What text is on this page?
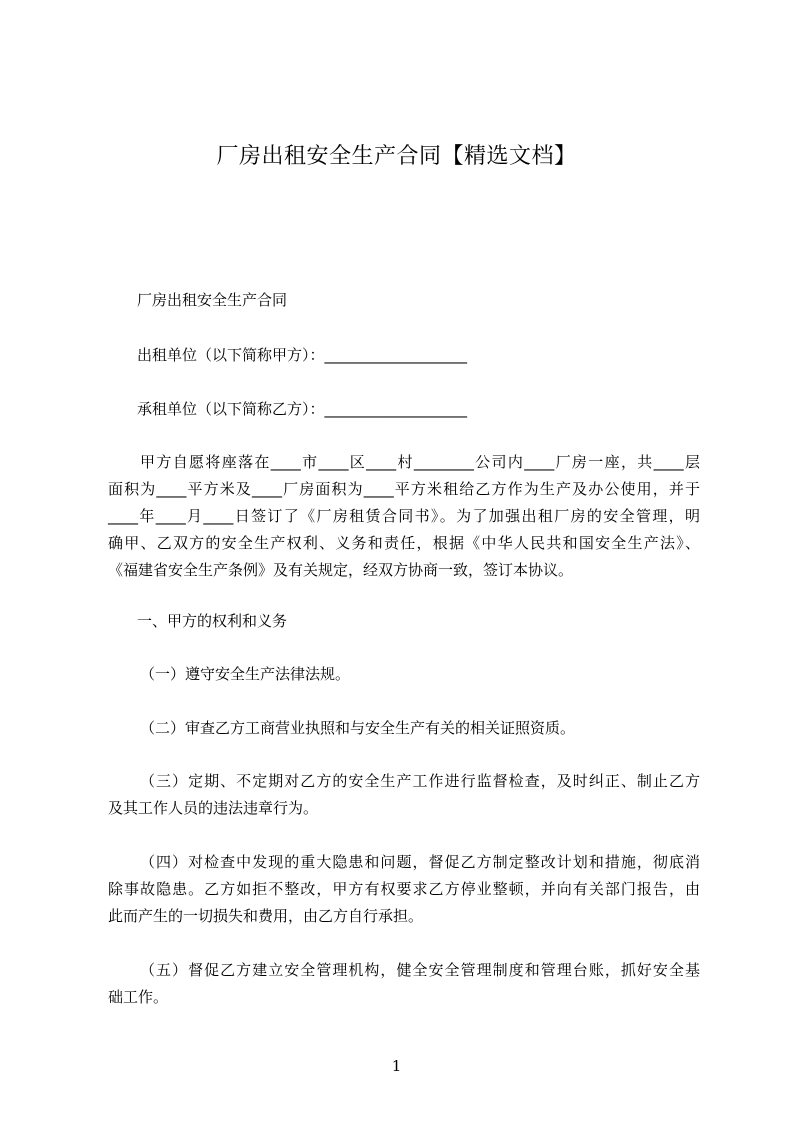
厂房出租安全生产合同【精选文档】
厂房出租安全生产合同
出租单位（以下简称甲方）：___________________
承租单位（以下简称乙方）：___________________
甲方自愿将座落在____市____区____村________公司内____厂房一座，共____层
面积为____平方米及____厂房面积为____平方米租给乙方作为生产及办公使用，并于
____年____月____日签订了《厂房租赁合同书》。为了加强出租厂房的安全管理，明
确甲、乙双方的安全生产权利、义务和责任，根据《中华人民共和国安全生产法》、
《福建省安全生产条例》及有关规定，经双方协商一致，签订本协议。
一、甲方的权利和义务
（一）遵守安全生产法律法规。
（二）审查乙方工商营业执照和与安全生产有关的相关证照资质。
（三）定期、不定期对乙方的安全生产工作进行监督检查，及时纠正、制止乙方
及其工作人员的违法违章行为。
（四）对检查中发现的重大隐患和问题，督促乙方制定整改计划和措施，彻底消
除事故隐患。乙方如拒不整改，甲方有权要求乙方停业整顿，并向有关部门报告，由
此而产生的一切损失和费用，由乙方自行承担。
（五）督促乙方建立安全管理机构，健全安全管理制度和管理台账，抓好安全基
础工作。
1
